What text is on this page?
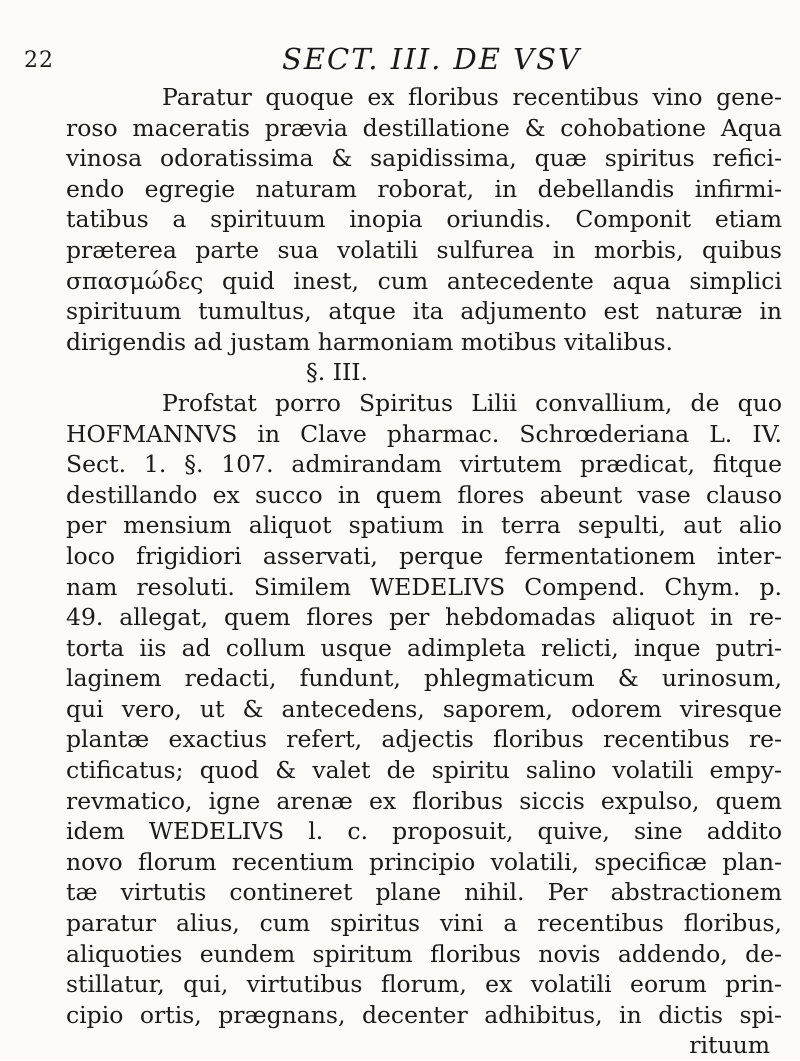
22	SECT. III. DE VSV
Paratur quoque ex floribus recentibus vino gene-
roso maceratis prævia destillatione & cohobatione Aqua
vinosa odoratissima & sapidissima, quæ spiritus refici-
endo egregie naturam roborat, in debellandis infirmi-
tatibus a spirituum inopia oriundis. Componit etiam
præterea parte sua volatili sulfurea in morbis, quibus
σπασμώδες quid inest, cum antecedente aqua simplici
spirituum tumultus, atque ita adjumento est naturæ in
dirigendis ad justam harmoniam motibus vitalibus.
§. III.
Profstat porro Spiritus Lilii convallium, de quo
HOFMANNVS in Clave pharmac. Schrœderiana L. IV.
Sect. 1. §. 107. admirandam virtutem prædicat, fitque
destillando ex succo in quem flores abeunt vase clauso
per mensium aliquot spatium in terra sepulti, aut alio
loco frigidiori asservati, perque fermentationem inter-
nam resoluti. Similem WEDELIVS Compend. Chym. p.
49. allegat, quem flores per hebdomadas aliquot in re-
torta iis ad collum usque adimpleta relicti, inque putri-
laginem redacti, fundunt, phlegmaticum & urinosum,
qui vero, ut & antecedens, saporem, odorem viresque
plantæ exactius refert, adjectis floribus recentibus re-
ctificatus; quod & valet de spiritu salino volatili empy-
revmatico, igne arenæ ex floribus siccis expulso, quem
idem WEDELIVS l. c. proposuit, quive, sine addito
novo florum recentium principio volatili, specificæ plan-
tæ virtutis contineret plane nihil. Per abstractionem
paratur alius, cum spiritus vini a recentibus floribus,
aliquoties eundem spiritum floribus novis addendo, de-
stillatur, qui, virtutibus florum, ex volatili eorum prin-
cipio ortis, prægnans, decenter adhibitus, in dictis spi-
rituum
